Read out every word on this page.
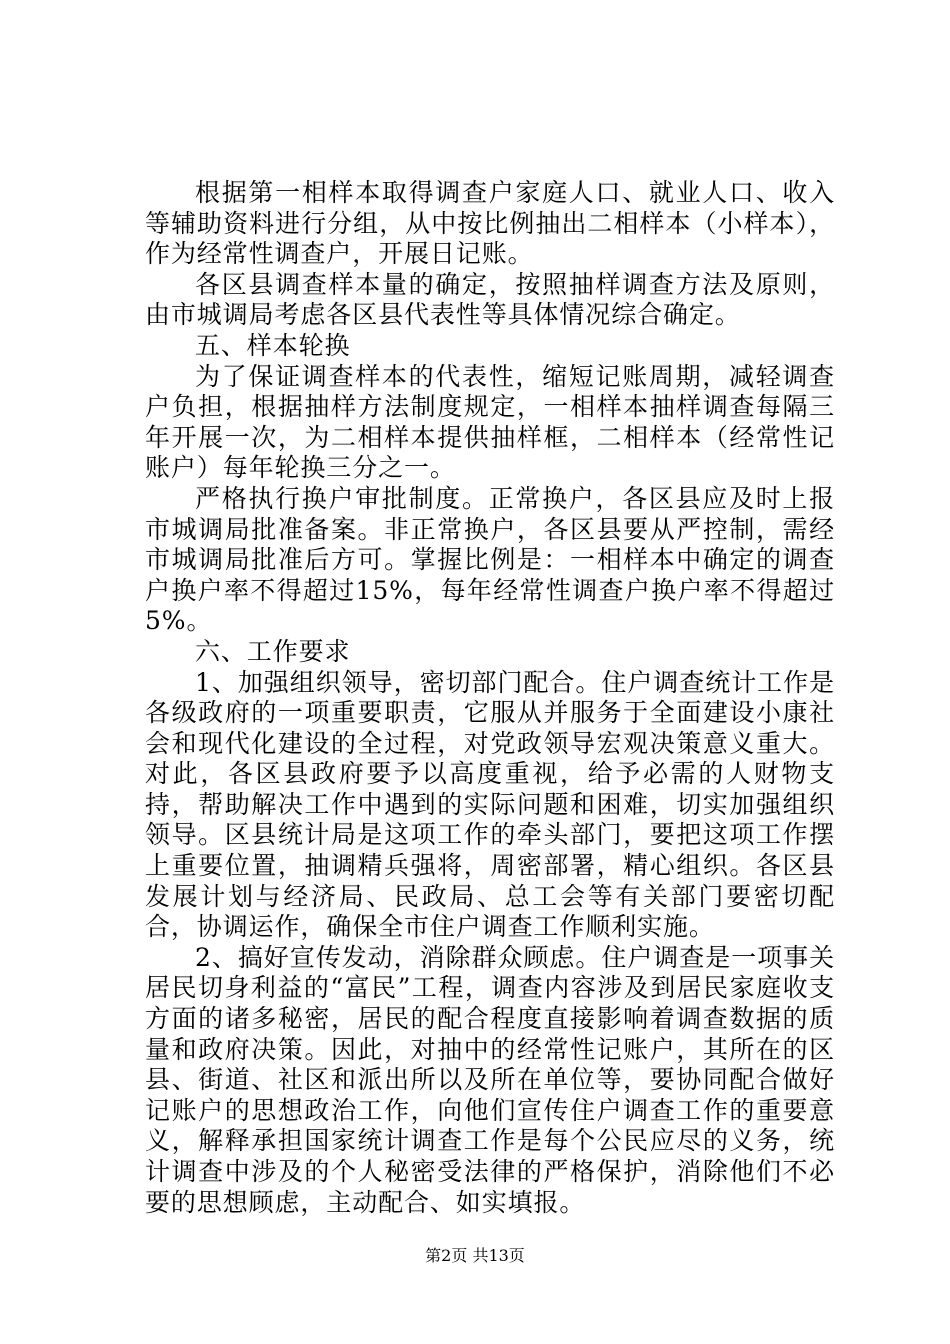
根据第一相样本取得调查户家庭人口、就业人口、收入等辅助资料进行分组，从中按比例抽出二相样本（小样本），作为经常性调查户，开展日记账。

各区县调查样本量的确定，按照抽样调查方法及原则，由市城调局考虑各区县代表性等具体情况综合确定。

五、样本轮换

为了保证调查样本的代表性，缩短记账周期，减轻调查户负担，根据抽样方法制度规定，一相样本抽样调查每隔三年开展一次，为二相样本提供抽样框，二相样本（经常性记账户）每年轮换三分之一。

严格执行换户审批制度。正常换户，各区县应及时上报市城调局批准备案。非正常换户，各区县要从严控制，需经市城调局批准后方可。掌握比例是：一相样本中确定的调查户换户率不得超过15%，每年经常性调查户换户率不得超过5%。

六、工作要求

1、加强组织领导，密切部门配合。住户调查统计工作是各级政府的一项重要职责，它服从并服务于全面建设小康社会和现代化建设的全过程，对党政领导宏观决策意义重大。对此，各区县政府要予以高度重视，给予必需的人财物支持，帮助解决工作中遇到的实际问题和困难，切实加强组织领导。区县统计局是这项工作的牵头部门，要把这项工作摆上重要位置，抽调精兵强将，周密部署，精心组织。各区县发展计划与经济局、民政局、总工会等有关部门要密切配合，协调运作，确保全市住户调查工作顺利实施。

2、搞好宣传发动，消除群众顾虑。住户调查是一项事关居民切身利益的“富民”工程，调查内容涉及到居民家庭收支方面的诸多秘密，居民的配合程度直接影响着调查数据的质量和政府决策。因此，对抽中的经常性记账户，其所在的区县、街道、社区和派出所以及所在单位等，要协同配合做好记账户的思想政治工作，向他们宣传住户调查工作的重要意义，解释承担国家统计调查工作是每个公民应尽的义务，统计调查中涉及的个人秘密受法律的严格保护，消除他们不必要的思想顾虑，主动配合、如实填报。

第2页 共13页
